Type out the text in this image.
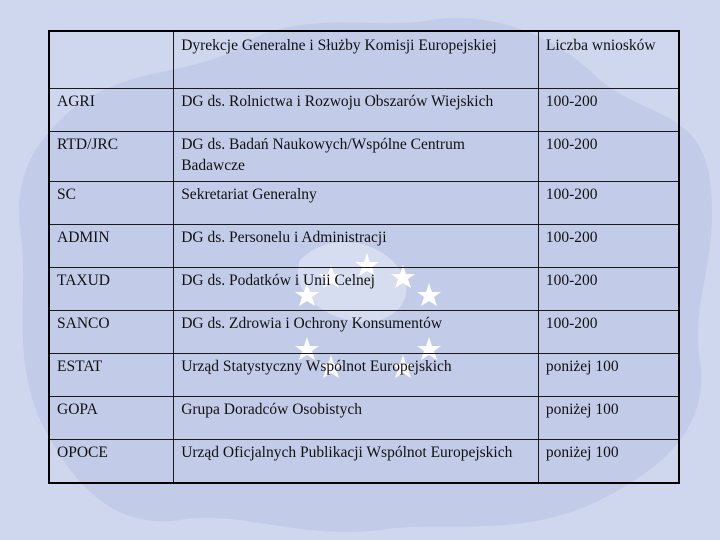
	Dyrekcje Generalne i Służby Komisji Europejskiej	Liczba wniosków
AGRI	DG ds. Rolnictwa i Rozwoju Obszarów Wiejskich	100-200
RTD/JRC	DG ds. Badań Naukowych/Wspólne Centrum Badawcze	100-200
SC	Sekretariat Generalny	100-200
ADMIN	DG ds. Personelu i Administracji	100-200
TAXUD	DG ds. Podatków i Unii Celnej	100-200
SANCO	DG ds. Zdrowia i Ochrony Konsumentów	100-200
ESTAT	Urząd Statystyczny Wspólnot Europejskich	poniżej 100
GOPA	Grupa Doradców Osobistych	poniżej 100
OPOCE	Urząd Oficjalnych Publikacji Wspólnot Europejskich	poniżej 100
